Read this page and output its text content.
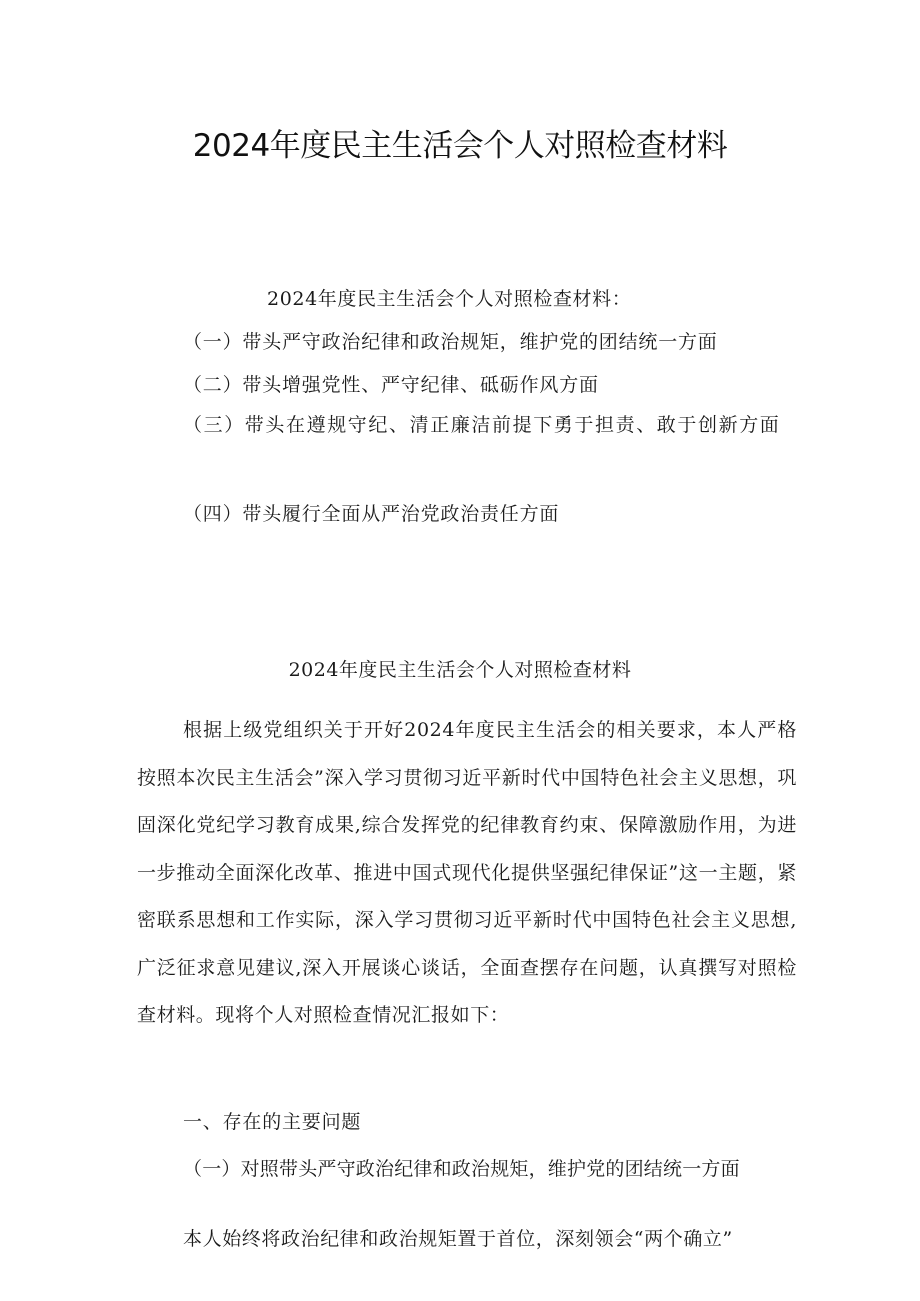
2024年度民主生活会个人对照检查材料

2024年度民主生活会个人对照检查材料：

（一）带头严守政治纪律和政治规矩，维护党的团结统一方面

（二）带头增强党性、严守纪律、砥砺作风方面

（三）带头在遵规守纪、清正廉洁前提下勇于担责、敢于创新方面

（四）带头履行全面从严治党政治责任方面

2024年度民主生活会个人对照检查材料

根据上级党组织关于开好2024年度民主生活会的相关要求，本人严格按照本次民主生活会”深入学习贯彻习近平新时代中国特色社会主义思想，巩固深化党纪学习教育成果,综合发挥党的纪律教育约束、保障激励作用，为进一步推动全面深化改革、推进中国式现代化提供坚强纪律保证”这一主题，紧密联系思想和工作实际，深入学习贯彻习近平新时代中国特色社会主义思想,广泛征求意见建议,深入开展谈心谈话，全面查摆存在问题，认真撰写对照检查材料。现将个人对照检查情况汇报如下：

一、存在的主要问题

（一）对照带头严守政治纪律和政治规矩，维护党的团结统一方面

本人始终将政治纪律和政治规矩置于首位，深刻领会“两个确立”
